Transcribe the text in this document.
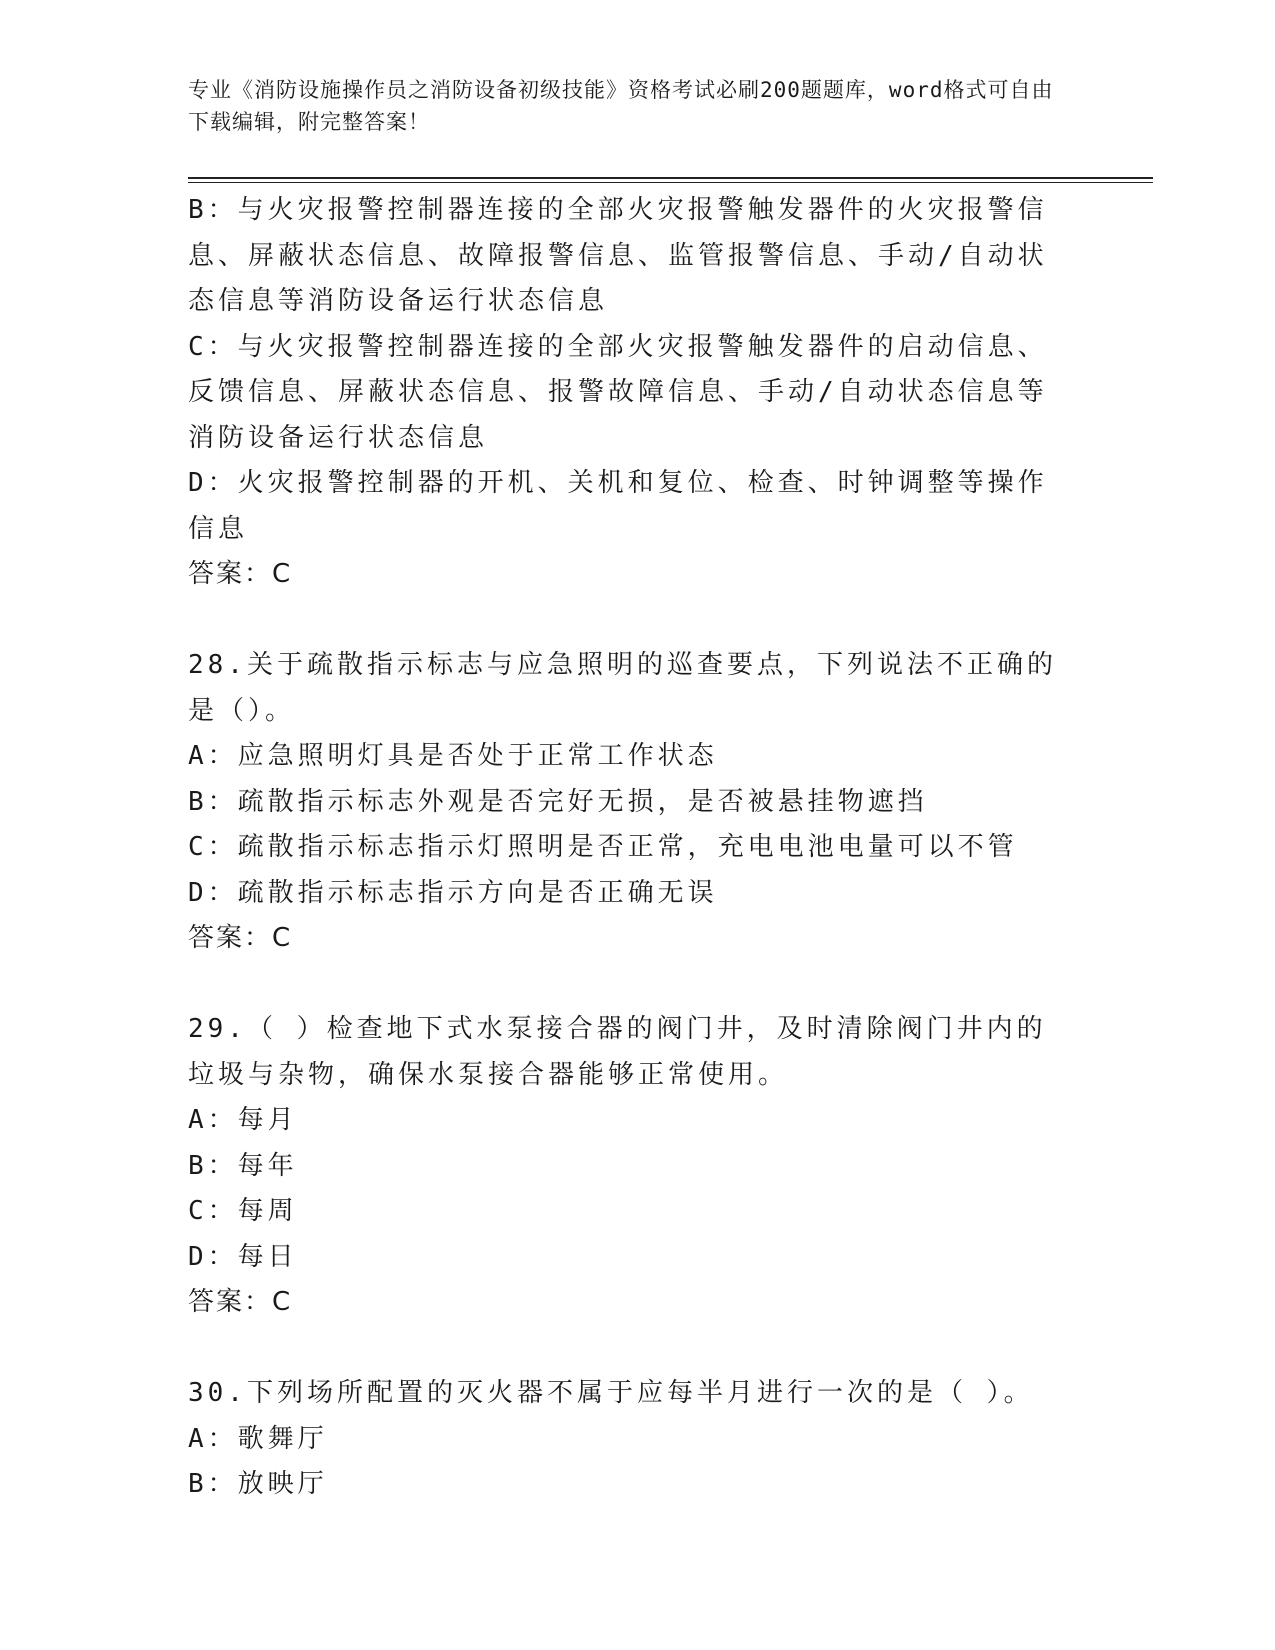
专业《消防设施操作员之消防设备初级技能》资格考试必刷200题题库，word格式可自由下载编辑，附完整答案！
B：与火灾报警控制器连接的全部火灾报警触发器件的火灾报警信息、屏蔽状态信息、故障报警信息、监管报警信息、手动/自动状态信息等消防设备运行状态信息
C：与火灾报警控制器连接的全部火灾报警触发器件的启动信息、反馈信息、屏蔽状态信息、报警故障信息、手动/自动状态信息等消防设备运行状态信息
D：火灾报警控制器的开机、关机和复位、检查、时钟调整等操作信息
答案：C
28.关于疏散指示标志与应急照明的巡查要点，下列说法不正确的是（）。
A：应急照明灯具是否处于正常工作状态
B：疏散指示标志外观是否完好无损，是否被悬挂物遮挡
C：疏散指示标志指示灯照明是否正常，充电电池电量可以不管
D：疏散指示标志指示方向是否正确无误
答案：C
29.（ ）检查地下式水泵接合器的阀门井，及时清除阀门井内的垃圾与杂物，确保水泵接合器能够正常使用。
A：每月
B：每年
C：每周
D：每日
答案：C
30.下列场所配置的灭火器不属于应每半月进行一次的是（ ）。
A：歌舞厅
B：放映厅
